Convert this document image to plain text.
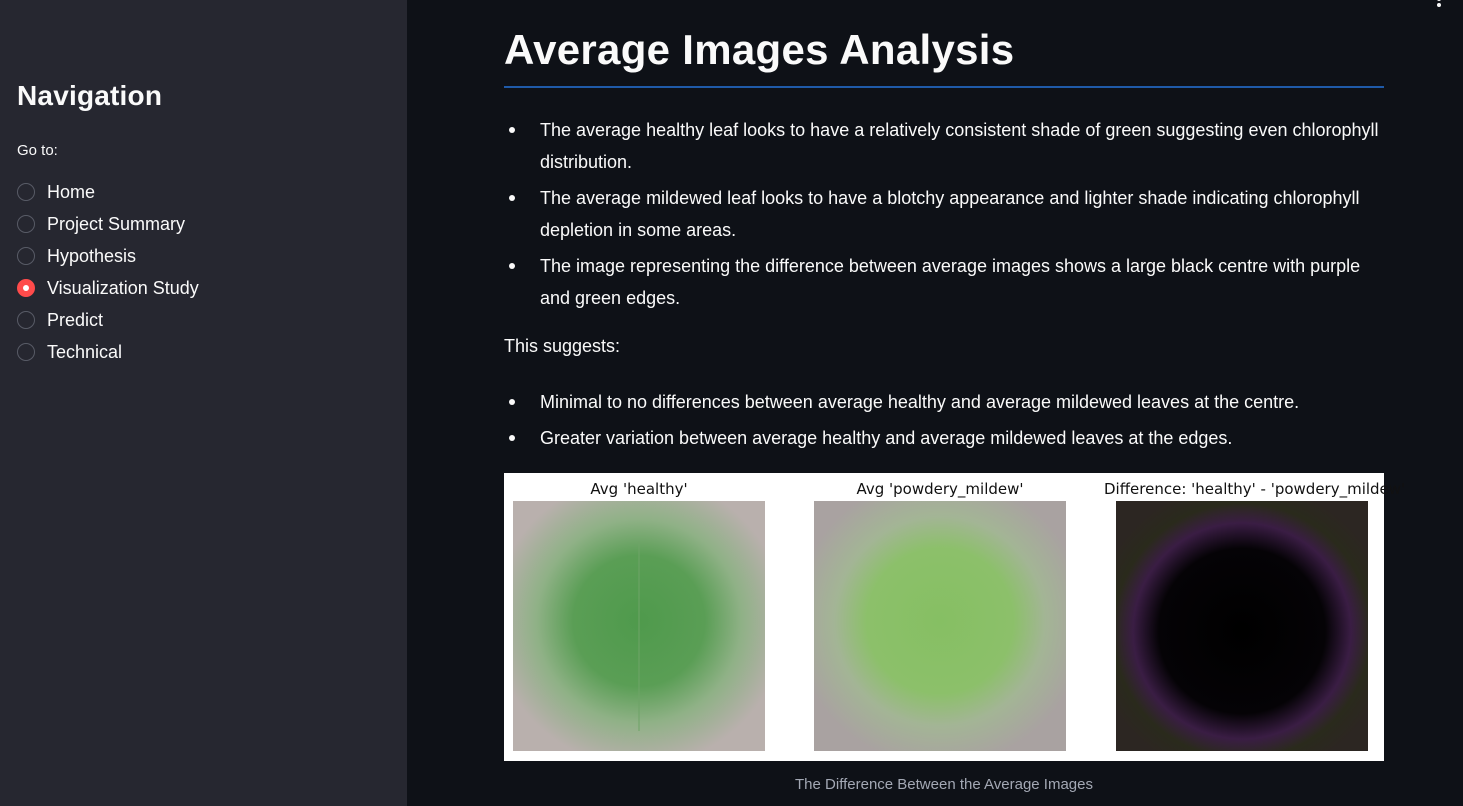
Navigation
Go to:
Home
Project Summary
Hypothesis
Visualization Study
Predict
Technical
Average Images Analysis
The average healthy leaf looks to have a relatively consistent shade of green suggesting even chlorophyll distribution.
The average mildewed leaf looks to have a blotchy appearance and lighter shade indicating chlorophyll depletion in some areas.
The image representing the difference between average images shows a large black centre with purple and green edges.
This suggests:
Minimal to no differences between average healthy and average mildewed leaves at the centre.
Greater variation between average healthy and average mildewed leaves at the edges.
Avg 'healthy'	Avg 'powdery_mildew'	Difference: 'healthy' - 'powdery_mildew'
The Difference Between the Average Images
